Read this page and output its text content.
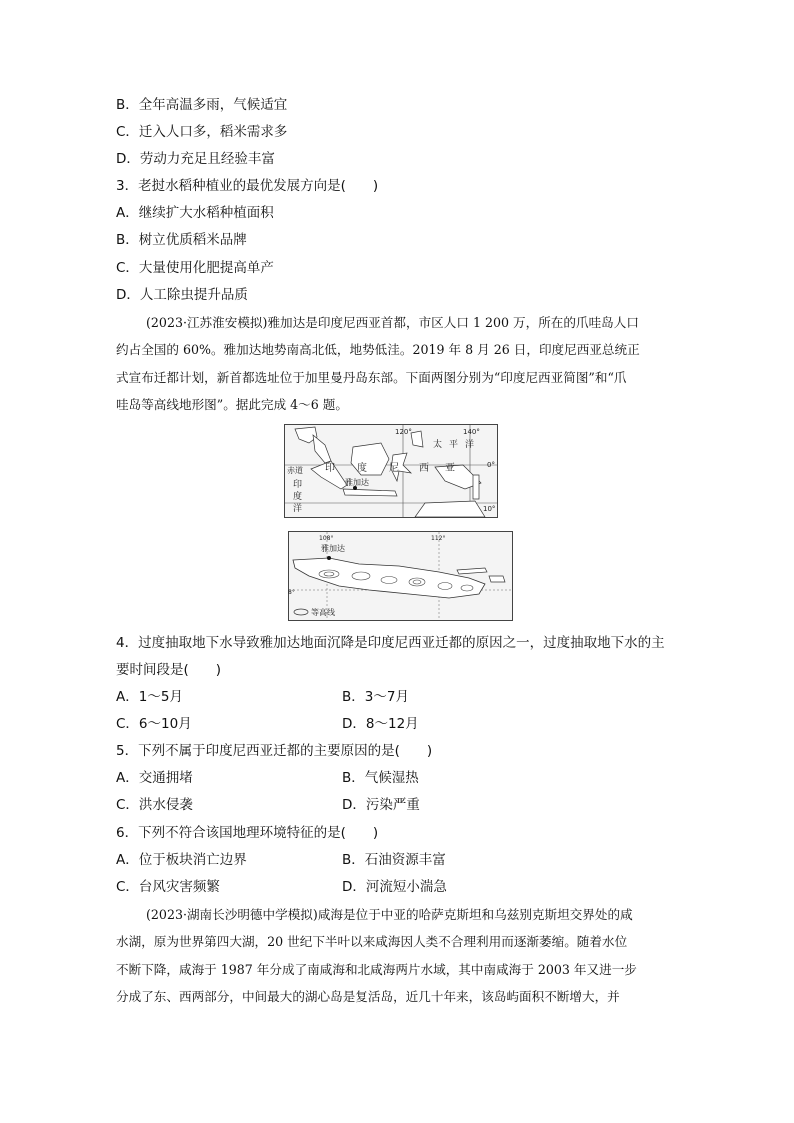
B．全年高温多雨，气候适宜
C．迁入人口多，稻米需求多
D．劳动力充足且经验丰富
3．老挝水稻种植业的最优发展方向是(　　)
A．继续扩大水稻种植面积
B．树立优质稻米品牌
C．大量使用化肥提高单产
D．人工除虫提升品质
(2023·江苏淮安模拟)雅加达是印度尼西亚首都，市区人口 1 200 万，所在的爪哇岛人口
约占全国的 60%。雅加达地势南高北低，地势低洼。2019 年 8 月 26 日，印度尼西亚总统正
式宣布迁都计划，新首都选址位于加里曼丹岛东部。下面两图分别为“印度尼西亚简图”和“爪
哇岛等高线地形图”。据此完成 4～6 题。
120°	140°
0°
10°
赤道
太 平 洋
印
度
洋
印 度 尼 西 亚
雅加达
108°	112°
8°
雅加达
等高线
4．过度抽取地下水导致雅加达地面沉降是印度尼西亚迁都的原因之一，过度抽取地下水的主
要时间段是(　　)
A．1～5月	B．3～7月
C．6～10月	D．8～12月
5．下列不属于印度尼西亚迁都的主要原因的是(　　)
A．交通拥堵	B．气候湿热
C．洪水侵袭	D．污染严重
6．下列不符合该国地理环境特征的是(　　)
A．位于板块消亡边界	B．石油资源丰富
C．台风灾害频繁	D．河流短小湍急
(2023·湖南长沙明德中学模拟)咸海是位于中亚的哈萨克斯坦和乌兹别克斯坦交界处的咸
水湖，原为世界第四大湖，20 世纪下半叶以来咸海因人类不合理利用而逐渐萎缩。随着水位
不断下降，咸海于 1987 年分成了南咸海和北咸海两片水域，其中南咸海于 2003 年又进一步
分成了东、西两部分，中间最大的湖心岛是复活岛，近几十年来，该岛屿面积不断增大，并
